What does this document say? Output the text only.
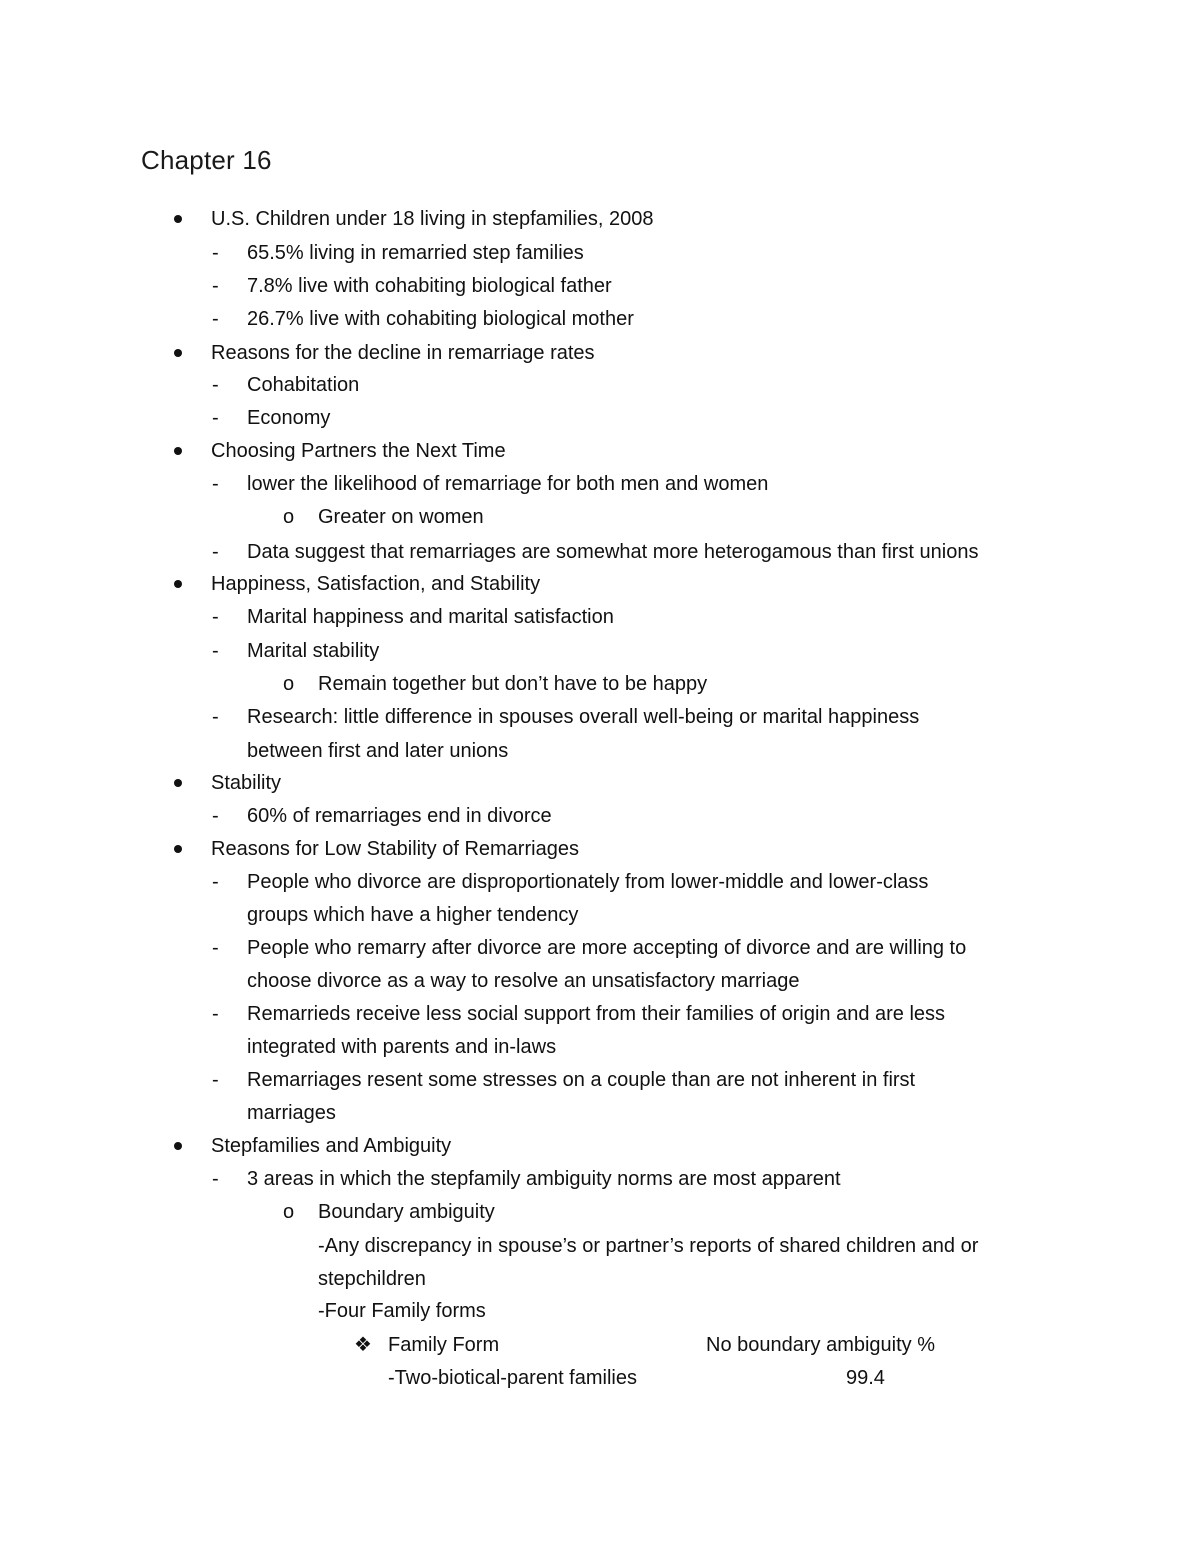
Chapter 16
U.S. Children under 18 living in stepfamilies, 2008
- 65.5% living in remarried step families
- 7.8% live with cohabiting biological father
- 26.7% live with cohabiting biological mother
Reasons for the decline in remarriage rates
- Cohabitation
- Economy
Choosing Partners the Next Time
- lower the likelihood of remarriage for both men and women
o Greater on women
- Data suggest that remarriages are somewhat more heterogamous than first unions
Happiness, Satisfaction, and Stability
- Marital happiness and marital satisfaction
- Marital stability
o Remain together but don’t have to be happy
- Research: little difference in spouses overall well-being or marital happiness
between first and later unions
Stability
- 60% of remarriages end in divorce
Reasons for Low Stability of Remarriages
- People who divorce are disproportionately from lower-middle and lower-class
groups which have a higher tendency
- People who remarry after divorce are more accepting of divorce and are willing to
choose divorce as a way to resolve an unsatisfactory marriage
- Remarrieds receive less social support from their families of origin and are less
integrated with parents and in-laws
- Remarriages resent some stresses on a couple than are not inherent in first
marriages
Stepfamilies and Ambiguity
- 3 areas in which the stepfamily ambiguity norms are most apparent
o Boundary ambiguity
-Any discrepancy in spouse’s or partner’s reports of shared children and or
stepchildren
-Four Family forms
❖ Family Form	No boundary ambiguity %
-Two-biotical-parent families	99.4
